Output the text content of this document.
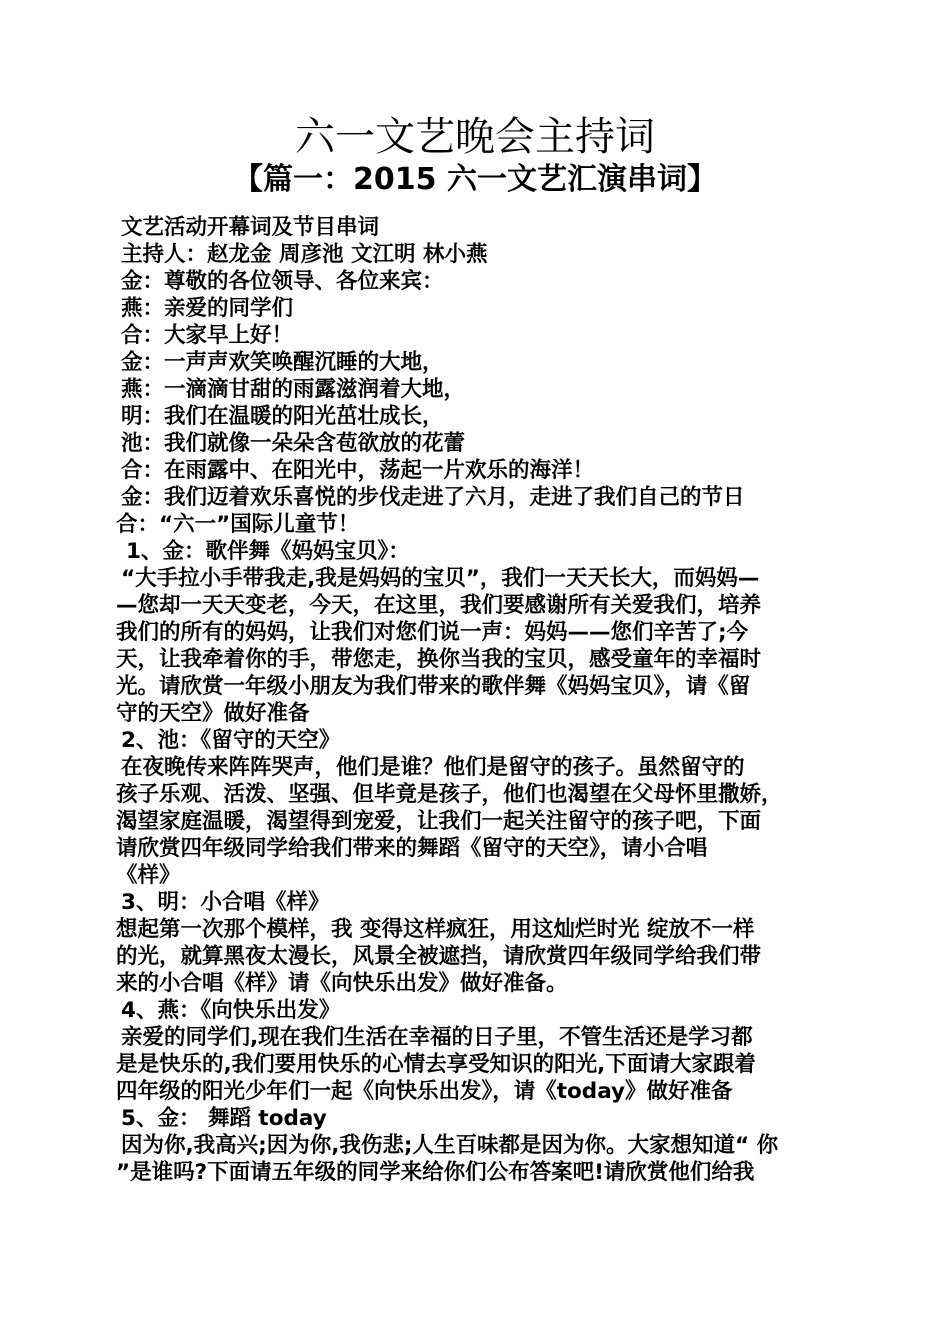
六一文艺晚会主持词
【篇一：2015 六一文艺汇演串词】
文艺活动开幕词及节目串词
主持人：赵龙金 周彦池 文江明 林小燕
金：尊敬的各位领导、各位来宾：
燕：亲爱的同学们
合：大家早上好！
金：一声声欢笑唤醒沉睡的大地，
燕：一滴滴甘甜的雨露滋润着大地，
明：我们在温暖的阳光茁壮成长，
池：我们就像一朵朵含苞欲放的花蕾
合：在雨露中、在阳光中，荡起一片欢乐的海洋！
金：我们迈着欢乐喜悦的步伐走进了六月，走进了我们自己的节日
合：“六一”国际儿童节！
1、金：歌伴舞《妈妈宝贝》：
“大手拉小手带我走,我是妈妈的宝贝”，我们一天天长大，而妈妈—
—您却一天天变老，今天，在这里，我们要感谢所有关爱我们，培养
我们的所有的妈妈，让我们对您们说一声：妈妈——您们辛苦了;今
天，让我牵着你的手，带您走，换你当我的宝贝，感受童年的幸福时
光。请欣赏一年级小朋友为我们带来的歌伴舞《妈妈宝贝》，请《留
守的天空》做好准备
2、池：《留守的天空》
在夜晚传来阵阵哭声，他们是谁？他们是留守的孩子。虽然留守的
孩子乐观、活泼、坚强、但毕竟是孩子，他们也渴望在父母怀里撒娇，
渴望家庭温暖，渴望得到宠爱，让我们一起关注留守的孩子吧，下面
请欣赏四年级同学给我们带来的舞蹈《留守的天空》，请小合唱
《样》
3、明：小合唱《样》
想起第一次那个模样，我 变得这样疯狂，用这灿烂时光 绽放不一样
的光，就算黑夜太漫长，风景全被遮挡，请欣赏四年级同学给我们带
来的小合唱《样》请《向快乐出发》做好准备。
4、燕：《向快乐出发》
亲爱的同学们,现在我们生活在幸福的日子里，不管生活还是学习都
是是快乐的,我们要用快乐的心情去享受知识的阳光,下面请大家跟着
四年级的阳光少年们一起《向快乐出发》，请《today》做好准备
5、金： 舞蹈 today
因为你,我高兴;因为你,我伤悲;人生百味都是因为你。大家想知道“ 你
”是谁吗?下面请五年级的同学来给你们公布答案吧!请欣赏他们给我
